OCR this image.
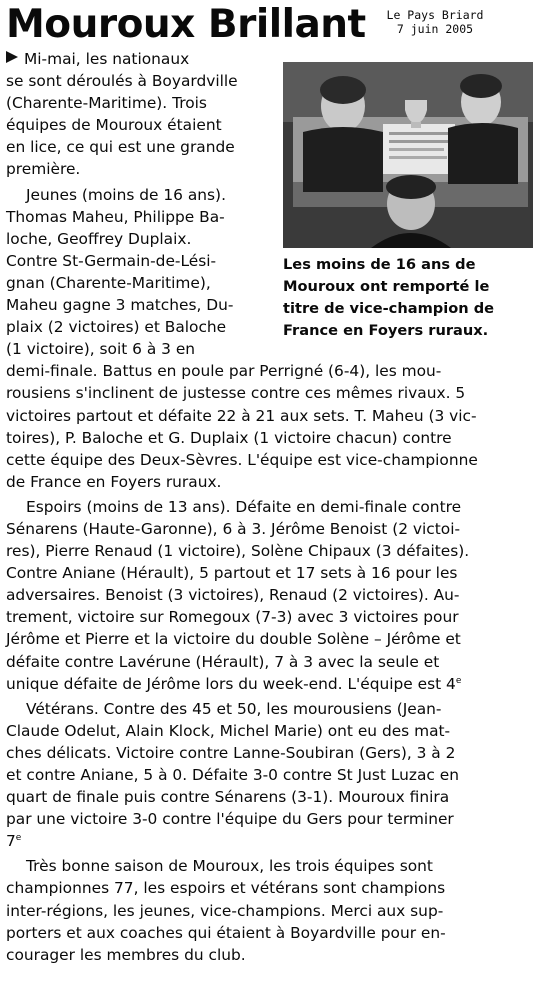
Mouroux Brillant	Le Pays Briard
7 juin 2005
Les moins de 16 ans de
Mouroux ont remporté le
titre de vice-champion de
France en Foyers ruraux.
Mi-mai, les nationaux
se sont déroulés à Boyardville
(Charente-Maritime). Trois
équipes de Mouroux étaient
en lice, ce qui est une grande
première.
Jeunes (moins de 16 ans).
Thomas Maheu, Philippe Ba-
loche, Geoffrey Duplaix.
Contre St-Germain-de-Lési-
gnan (Charente-Maritime),
Maheu gagne 3 matches, Du-
plaix (2 victoires) et Baloche
(1 victoire), soit 6 à 3 en
demi-finale. Battus en poule par Perrigné (6-4), les mou-
rousiens s'inclinent de justesse contre ces mêmes rivaux. 5
victoires partout et défaite 22 à 21 aux sets. T. Maheu (3 vic-
toires), P. Baloche et G. Duplaix (1 victoire chacun) contre
cette équipe des Deux-Sèvres. L'équipe est vice-championne
de France en Foyers ruraux.
Espoirs (moins de 13 ans). Défaite en demi-finale contre
Sénarens (Haute-Garonne), 6 à 3. Jérôme Benoist (2 victoi-
res), Pierre Renaud (1 victoire), Solène Chipaux (3 défaites).
Contre Aniane (Hérault), 5 partout et 17 sets à 16 pour les
adversaires. Benoist (3 victoires), Renaud (2 victoires). Au-
trement, victoire sur Romegoux (7-3) avec 3 victoires pour
Jérôme et Pierre et la victoire du double Solène – Jérôme et
défaite contre Lavérune (Hérault), 7 à 3 avec la seule et
unique défaite de Jérôme lors du week-end. L'équipe est 4e
Vétérans. Contre des 45 et 50, les mourousiens (Jean-
Claude Odelut, Alain Klock, Michel Marie) ont eu des mat-
ches délicats. Victoire contre Lanne-Soubiran (Gers), 3 à 2
et contre Aniane, 5 à 0. Défaite 3-0 contre St Just Luzac en
quart de finale puis contre Sénarens (3-1). Mouroux finira
par une victoire 3-0 contre l'équipe du Gers pour terminer
7e
Très bonne saison de Mouroux, les trois équipes sont
championnes 77, les espoirs et vétérans sont champions
inter-régions, les jeunes, vice-champions. Merci aux sup-
porters et aux coaches qui étaient à Boyardville pour en-
courager les membres du club.
